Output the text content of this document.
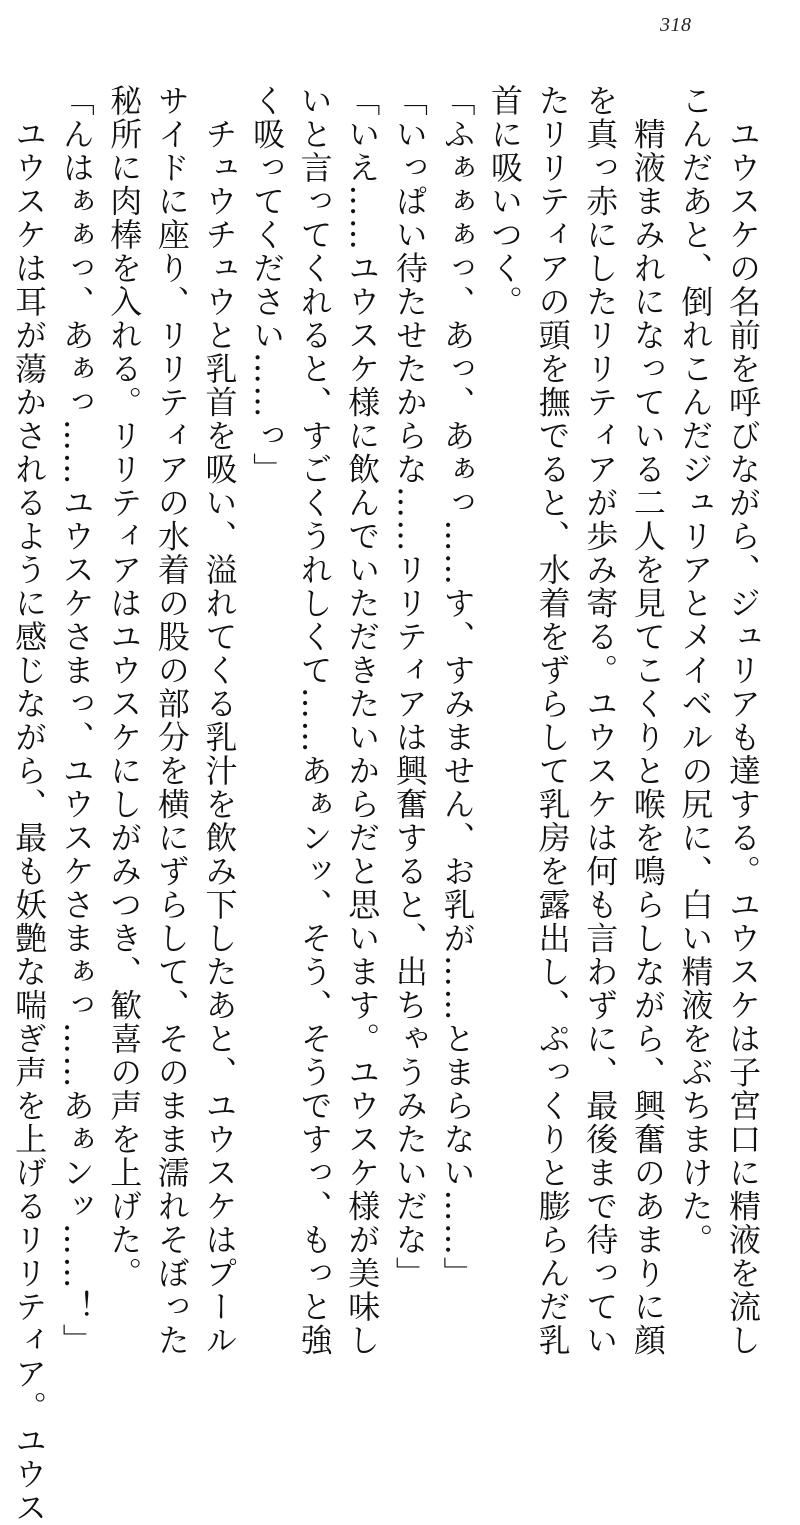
318
　ユウスケの名前を呼びながら、ジュリアも達する。ユウスケは子宮口に精液を流し
こんだあと、倒れこんだジュリアとメイベルの尻に、白い精液をぶちまけた。
　精液まみれになっている二人を見てこくりと喉を鳴らしながら、興奮のあまりに顔
を真っ赤にしたリリティアが歩み寄る。ユウスケは何も言わずに、最後まで待ってい
たリリティアの頭を撫でると、水着をずらして乳房を露出し、ぷっくりと膨らんだ乳
首に吸いつく。
「ふぁぁぁっ、あっ、あぁっ……す、すみません、お乳が……とまらない……」
「いっぱい待たせたからな……リリティアは興奮すると、出ちゃうみたいだな」
「いえ……ユウスケ様に飲んでいただきたいからだと思います。ユウスケ様が美味し
いと言ってくれると、すごくうれしくて……あぁンッ、そう、そうですっ、もっと強
く吸ってください……っ」
　チュウチュウと乳首を吸い、溢れてくる乳汁を飲み下したあと、ユウスケはプール
サイドに座り、リリティアの水着の股の部分を横にずらして、そのまま濡れそぼった
秘所に肉棒を入れる。リリティアはユウスケにしがみつき、歓喜の声を上げた。
「んはぁぁっ、あぁっ……ユウスケさまっ、ユウスケさまぁっ……あぁンッ……！」
　ユウスケは耳が蕩かされるように感じながら、最も妖艶な喘ぎ声を上げるリリティア。ユウス
